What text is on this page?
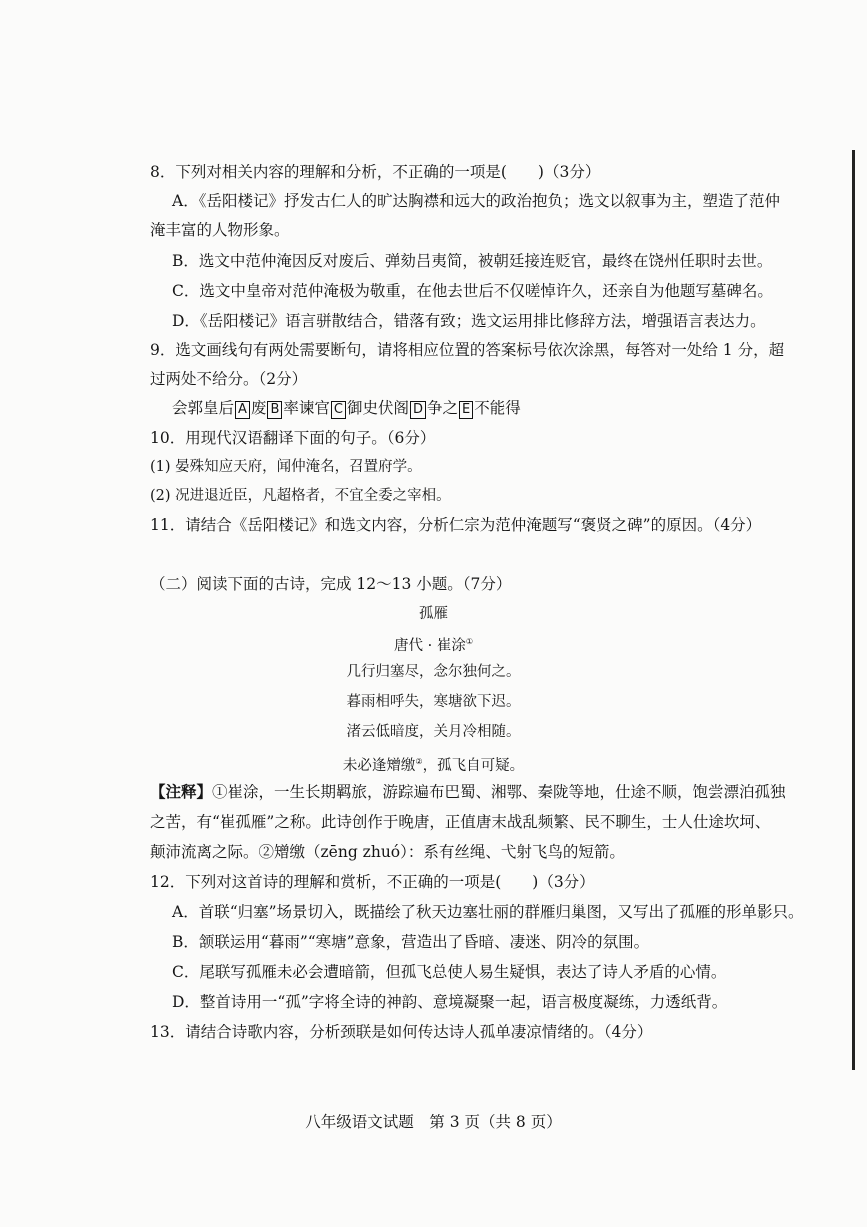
8．下列对相关内容的理解和分析，不正确的一项是(　　)（3分）
A．《岳阳楼记》抒发古仁人的旷达胸襟和远大的政治抱负；选文以叙事为主，塑造了范仲
淹丰富的人物形象。
B．选文中范仲淹因反对废后、弹劾吕夷简，被朝廷接连贬官，最终在饶州任职时去世。
C．选文中皇帝对范仲淹极为敬重，在他去世后不仅嗟悼许久，还亲自为他题写墓碑名。
D．《岳阳楼记》语言骈散结合，错落有致；选文运用排比修辞方法，增强语言表达力。
9．选文画线句有两处需要断句，请将相应位置的答案标号依次涂黑，每答对一处给 1 分，超
过两处不给分。（2分）
会郭皇后 A 废 B 率谏官 C 御史伏阁 D 争之 E 不能得
10．用现代汉语翻译下面的句子。（6分）
(1) 晏殊知应天府，闻仲淹名，召置府学。
(2) 况进退近臣，凡超格者，不宜全委之宰相。
11．请结合《岳阳楼记》和选文内容，分析仁宗为范仲淹题写“褒贤之碑”的原因。（4分）
（二）阅读下面的古诗，完成 12～13 小题。（7分）
孤雁
唐代 · 崔涂①
几行归塞尽，念尔独何之。
暮雨相呼失，寒塘欲下迟。
渚云低暗度，关月冷相随。
未必逢矰缴②，孤飞自可疑。
【注释】①崔涂，一生长期羁旅，游踪遍布巴蜀、湘鄂、秦陇等地，仕途不顺，饱尝漂泊孤独
之苦，有“崔孤雁”之称。此诗创作于晚唐，正值唐末战乱频繁、民不聊生，士人仕途坎坷、
颠沛流离之际。②矰缴（zēng zhuó）：系有丝绳、弋射飞鸟的短箭。
12．下列对这首诗的理解和赏析，不正确的一项是(　　)（3分）
A．首联“归塞”场景切入，既描绘了秋天边塞壮丽的群雁归巢图，又写出了孤雁的形单影只。
B．颔联运用“暮雨”“寒塘”意象，营造出了昏暗、凄迷、阴冷的氛围。
C．尾联写孤雁未必会遭暗箭，但孤飞总使人易生疑惧，表达了诗人矛盾的心情。
D．整首诗用一“孤”字将全诗的神韵、意境凝聚一起，语言极度凝练，力透纸背。
13．请结合诗歌内容，分析颈联是如何传达诗人孤单凄凉情绪的。（4分）
八年级语文试题　第 3 页（共 8 页）
